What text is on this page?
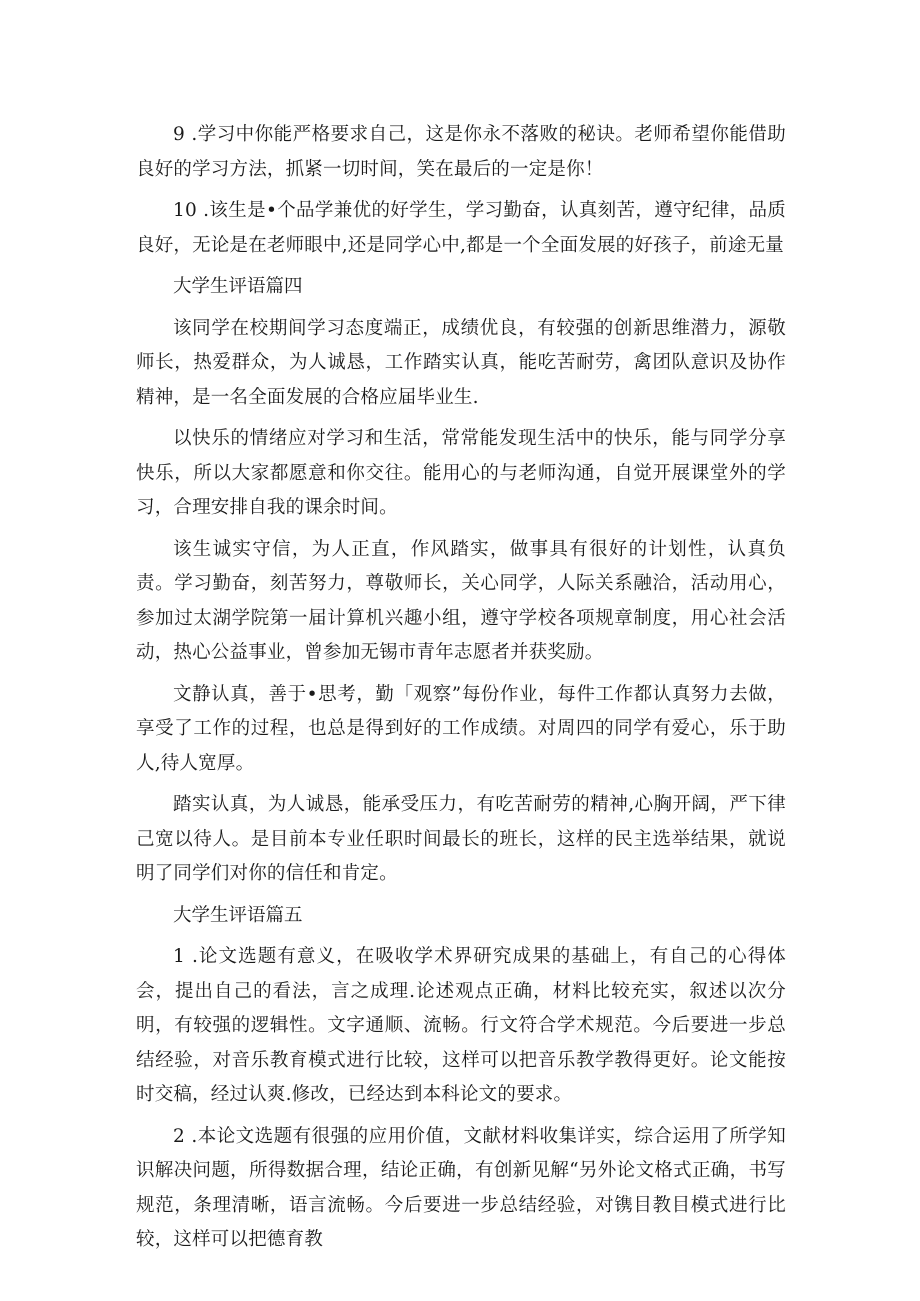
9 .学习中你能严格要求自己，这是你永不落败的秘诀。老师希望你能借助良好的学习方法，抓紧一切时间，笑在最后的一定是你！

10 .该生是•个品学兼优的好学生，学习勤奋，认真刻苦，遵守纪律，品质良好，无论是在老师眼中,还是同学心中,都是一个全面发展的好孩子，前途无量

大学生评语篇四

该同学在校期间学习态度端正，成绩优良，有较强的创新思维潜力，源敬师长，热爱群众，为人诚恳，工作踏实认真，能吃苦耐劳，禽团队意识及协作精神，是一名全面发展的合格应届毕业生.

以快乐的情绪应对学习和生活，常常能发现生活中的快乐，能与同学分享快乐，所以大家都愿意和你交往。能用心的与老师沟通，自觉开展课堂外的学习，合理安排自我的课余时间。

该生诚实守信，为人正直，作风踏实，做事具有很好的计划性，认真负责。学习勤奋，刻苦努力，尊敬师长，关心同学，人际关系融洽，活动用心，参加过太湖学院第一届计算机兴趣小组，遵守学校各项规章制度，用心社会活动，热心公益事业，曾参加无锡市青年志愿者并获奖励。

文静认真，善于•思考，勤「观察”每份作业，每件工作都认真努力去做，享受了工作的过程，也总是得到好的工作成绩。对周四的同学有爱心，乐于助人,待人宽厚。

踏实认真，为人诚恳，能承受压力，有吃苦耐劳的精神,心胸开阔，严下律己宽以待人。是目前本专业任职时间最长的班长，这样的民主选举结果，就说明了同学们对你的信任和肯定。

大学生评语篇五

1 .论文选题有意义，在吸收学术界研究成果的基础上，有自己的心得体会，提出自己的看法，言之成理.论述观点正确，材料比较充实，叙述以次分明，有较强的逻辑性。文字通顺、流畅。行文符合学术规范。今后要进一步总结经验，对音乐教育模式进行比较，这样可以把音乐教学教得更好。论文能按时交稿，经过认爽.修改，已经达到本科论文的要求。

2 .本论文选题有很强的应用价值，文献材料收集详实，综合运用了所学知识解决问题，所得数据合理，结论正确，有创新见解“另外论文格式正确，书写规范，条理清晰，语言流畅。今后要进一步总结经验，对镌目教目模式进行比较，这样可以把德育教
